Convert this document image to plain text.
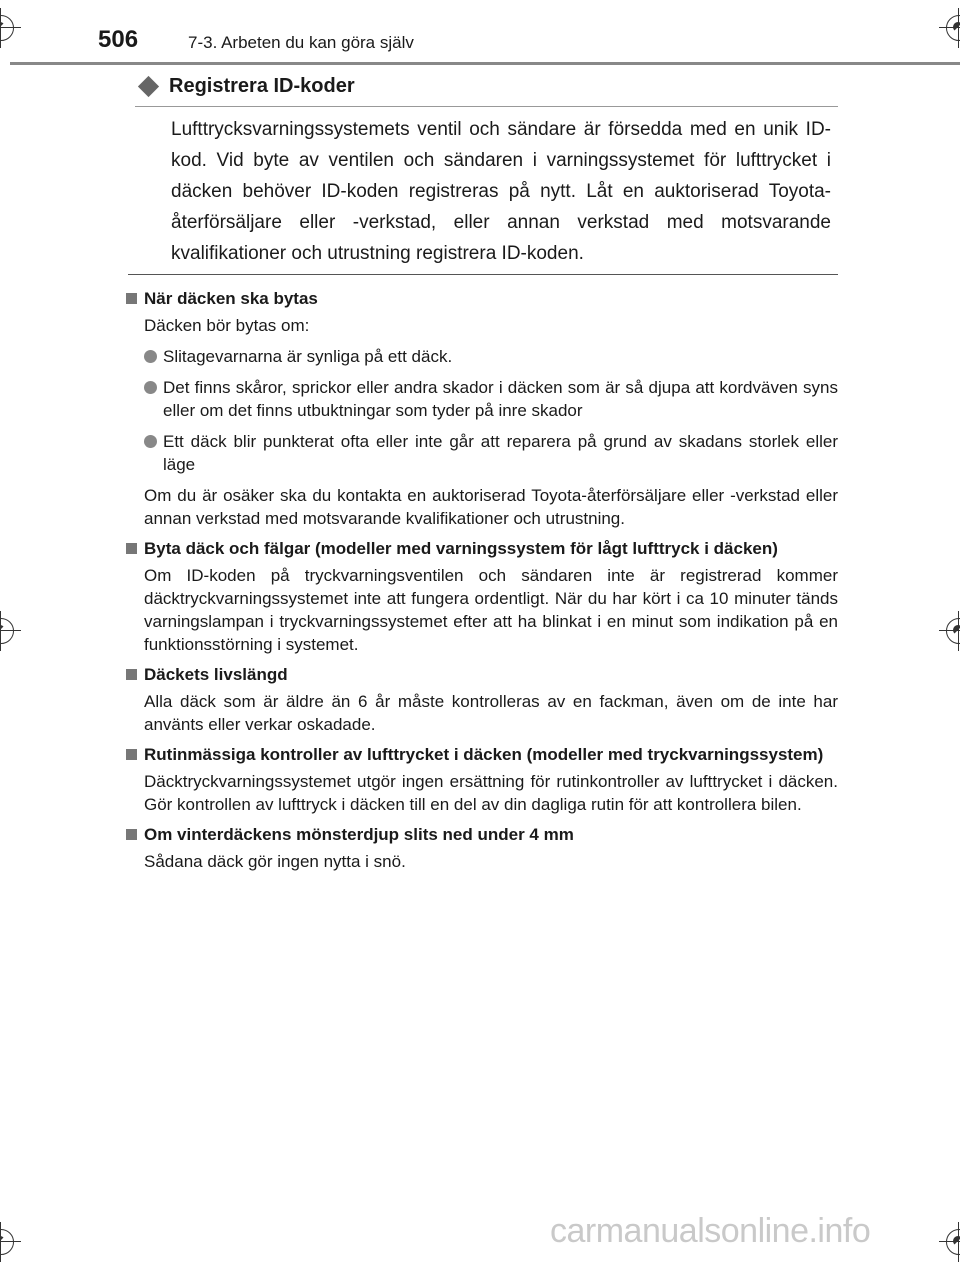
506	7-3. Arbeten du kan göra själv
Registrera ID-koder
Lufttrycksvarningssystemets ventil och sändare är försedda med en unik ID-kod. Vid byte av ventilen och sändaren i varningssystemet för lufttrycket i däcken behöver ID-koden registreras på nytt. Låt en auktoriserad Toyota-återförsäljare eller -verkstad, eller annan verkstad med motsvarande kvalifikationer och utrustning registrera ID-koden.
När däcken ska bytas
Däcken bör bytas om:
Slitagevarnarna är synliga på ett däck.
Det finns skåror, sprickor eller andra skador i däcken som är så djupa att kordväven syns eller om det finns utbuktningar som tyder på inre skador
Ett däck blir punkterat ofta eller inte går att reparera på grund av skadans storlek eller läge
Om du är osäker ska du kontakta en auktoriserad Toyota-återförsäljare eller -verkstad eller annan verkstad med motsvarande kvalifikationer och utrustning.
Byta däck och fälgar (modeller med varningssystem för lågt lufttryck i däcken)
Om ID-koden på tryckvarningsventilen och sändaren inte är registrerad kommer däcktryckvarningssystemet inte att fungera ordentligt. När du har kört i ca 10 minuter tänds varningslampan i tryckvarningssystemet efter att ha blinkat i en minut som indikation på en funktionsstörning i systemet.
Däckets livslängd
Alla däck som är äldre än 6 år måste kontrolleras av en fackman, även om de inte har använts eller verkar oskadade.
Rutinmässiga kontroller av lufttrycket i däcken (modeller med tryckvarningssystem)
Däcktryckvarningssystemet utgör ingen ersättning för rutinkontroller av lufttrycket i däcken. Gör kontrollen av lufttryck i däcken till en del av din dagliga rutin för att kontrollera bilen.
Om vinterdäckens mönsterdjup slits ned under 4 mm
Sådana däck gör ingen nytta i snö.
carmanualsonline.info
